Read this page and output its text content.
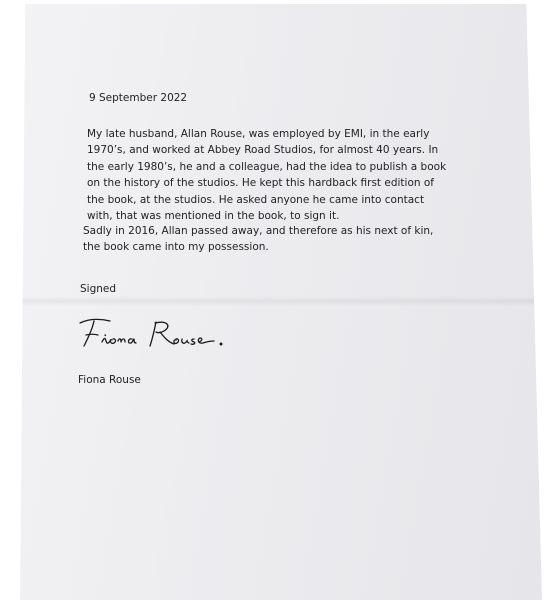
9 September 2022
My late husband, Allan Rouse, was employed by EMI, in the early 1970’s, and worked at Abbey Road Studios, for almost 40 years. In the early 1980’s, he and a colleague, had the idea to publish a book on the history of the studios. He kept this hardback first edition of the book, at the studios. He asked anyone he came into contact with, that was mentioned in the book, to sign it.
Sadly in 2016, Allan passed away, and therefore as his next of kin, the book came into my possession.
Signed
Fiona Rouse
